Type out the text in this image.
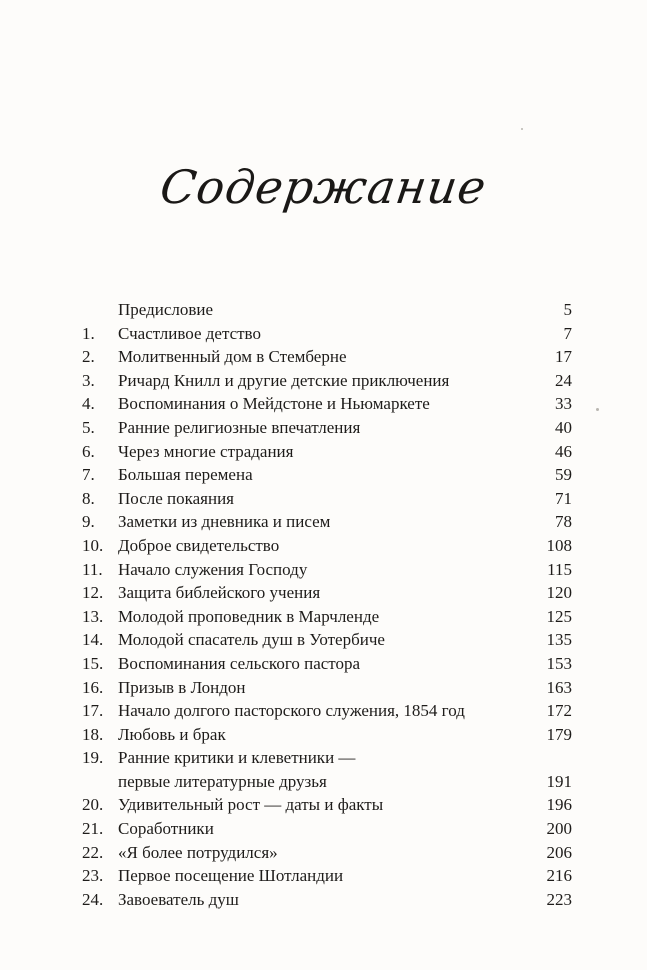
Содержание
Предисловие	5
1. Счастливое детство	7
2. Молитвенный дом в Стемберне	17
3. Ричард Книлл и другие детские приключения	24
4. Воспоминания о Мейдстоне и Ньюмаркете	33
5. Ранние религиозные впечатления	40
6. Через многие страдания	46
7. Большая перемена	59
8. После покаяния	71
9. Заметки из дневника и писем	78
10. Доброе свидетельство	108
11. Начало служения Господу	115
12. Защита библейского учения	120
13. Молодой проповедник в Марчленде	125
14. Молодой спасатель душ в Уотербиче	135
15. Воспоминания сельского пастора	153
16. Призыв в Лондон	163
17. Начало долгого пасторского служения, 1854 год	172
18. Любовь и брак	179
19. Ранние критики и клеветники —
первые литературные друзья	191
20. Удивительный рост — даты и факты	196
21. Соработники	200
22. «Я более потрудился»	206
23. Первое посещение Шотландии	216
24. Завоеватель душ	223
